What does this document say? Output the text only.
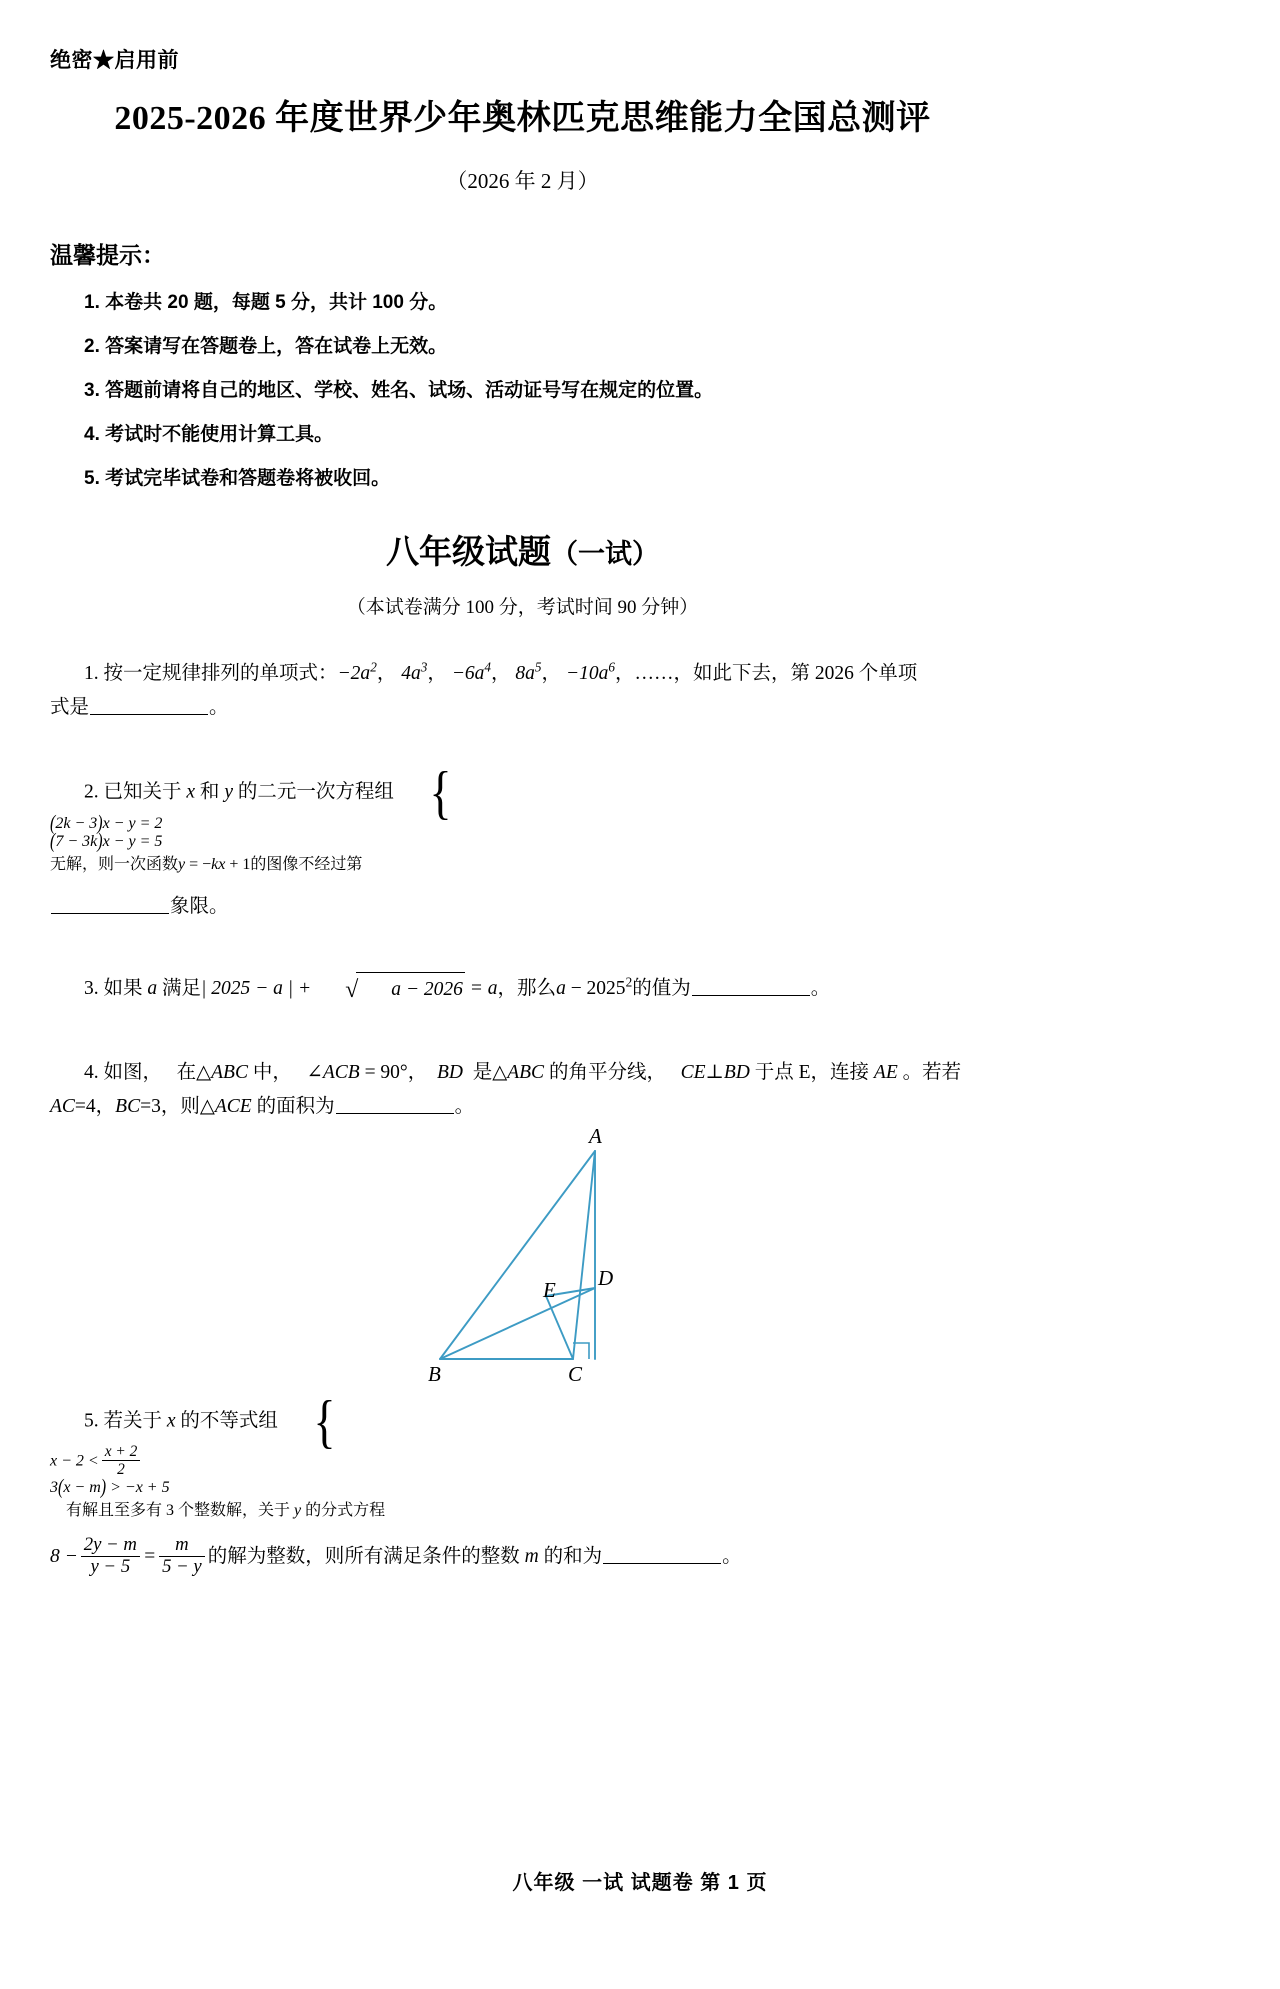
绝密★启用前
2025-2026 年度世界少年奥林匹克思维能力全国总测评
（2026 年 2 月）
温馨提示：
1. 本卷共 20 题，每题 5 分，共计 100 分。
2. 答案请写在答题卷上，答在试卷上无效。
3. 答题前请将自己的地区、学校、姓名、试场、活动证号写在规定的位置。
4. 考试时不能使用计算工具。
5. 考试完毕试卷和答题卷将被收回。
八年级试题（一试）
（本试卷满分 100 分，考试时间 90 分钟）

1. 按一定规律排列的单项式：$-2a^2$， $4a^3$， $-6a^4$， $8a^5$， $-10a^6$，……，如此下去，第 2026 个单项

式是	。

2. 已知关于 x 和 y 的二元一次方程组 {

(2k − 3)x − y = 2
(7 − 3k)x − y = 5
无解，则一次函数y = −kx + 1的图像不经过第

象限。

3. 如果 a 满足| 2025 − a | +	√ a − 2026 = a，那么$a - 2025^2$的值为	。

4. 如图， 在△ABC 中， ∠ACB = 90°， BD 是△ABC 的角平分线， CE⊥BD 于点 E，连接 AE 。若若

AC=4，BC=3，则△ACE 的面积为	。

A
E D
B	C

5. 若关于 x 的不等式组 {

$x - 2 < \frac{x + 2}{2}$
3(x − m) > −x + 5
有解且至多有 3 个整数解，关于 y 的分式方程

$8 - \frac{2y - m}{y - 5} = \frac{m}{5 - y}$ 的解为整数，则所有满足条件的整数 m 的和为	。

八年级 一试 试题卷 第 1 页
